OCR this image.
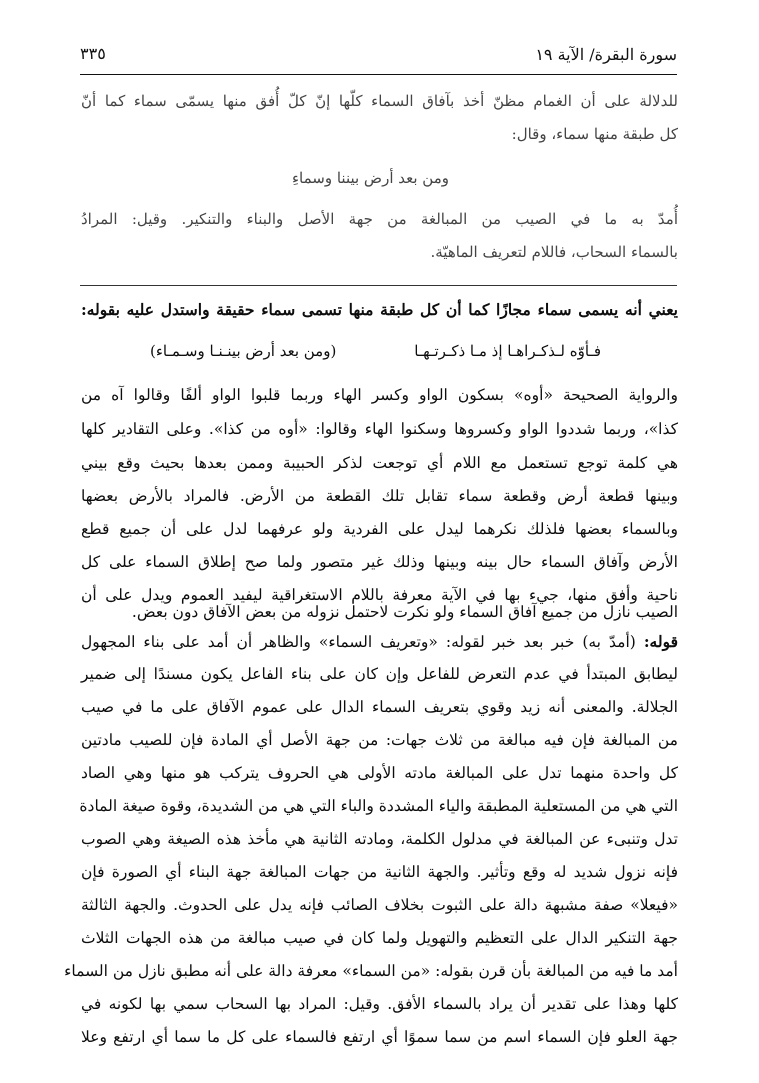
سورة البقرة/ الآية ١٩
٣٣٥
للدلالة على أن الغمام مظنّ أخذ بآفاق السماء كلّها إنّ كلّ أُفق منها يسمّى سماء كما أنّ
كل طبقة منها سماء، وقال:
ومن بعد أرض بيننا وسماءِ
أُمدّ به ما في الصيب من المبالغة من جهة الأصل والبناء والتنكير. وقيل: المرادُ
بالسماء السحاب، فاللام لتعريف الماهيّة.
يعني أنه يسمى سماء مجازًا كما أن كل طبقة منها تسمى سماء حقيقة واستدل عليه بقوله:
فـأوّه لـذكـراهـا إذ مـا ذكـرتـهـا
(ومن بعد أرض بينـنـا وسـمـاء)
والرواية الصحيحة «أوه» بسكون الواو وكسر الهاء وربما قلبوا الواو ألفًا وقالوا آه من
كذا»، وربما شددوا الواو وكسروها وسكنوا الهاء وقالوا: «أوه من كذا». وعلى التقادير كلها
هي كلمة توجع تستعمل مع اللام أي توجعت لذكر الحبيبة وممن بعدها بحيث وقع بيني
وبينها قطعة أرض وقطعة سماء تقابل تلك القطعة من الأرض. فالمراد بالأرض بعضها
وبالسماء بعضها فلذلك نكرهما ليدل على الفردية ولو عرفهما لدل على أن جميع قطع
الأرض وآفاق السماء حال بينه وبينها وذلك غير متصور ولما صح إطلاق السماء على كل
ناحية وأفق منها، جيء بها في الآية معرفة باللام الاستغراقية ليفيد العموم ويدل على أن
الصيب نازل من جميع آفاق السماء ولو نكرت لاحتمل نزوله من بعض الآفاق دون بعض.
قوله: (أمدّ به) خبر بعد خبر لقوله: «وتعريف السماء» والظاهر أن أمد على بناء المجهول
ليطابق المبتدأ في عدم التعرض للفاعل وإن كان على بناء الفاعل يكون مسندًا إلى ضمير
الجلالة. والمعنى أنه زيد وقوي بتعريف السماء الدال على عموم الآفاق على ما في صيب
من المبالغة فإن فيه مبالغة من ثلاث جهات: من جهة الأصل أي المادة فإن للصيب مادتين
كل واحدة منهما تدل على المبالغة مادته الأولى هي الحروف يتركب هو منها وهي الصاد
التي هي من المستعلية المطبقة والياء المشددة والباء التي هي من الشديدة، وقوة صيغة المادة
تدل وتنبىء عن المبالغة في مدلول الكلمة، ومادته الثانية هي مأخذ هذه الصيغة وهي الصوب
فإنه نزول شديد له وقع وتأثير. والجهة الثانية من جهات المبالغة جهة البناء أي الصورة فإن
«فيعلا» صفة مشبهة دالة على الثبوت بخلاف الصائب فإنه يدل على الحدوث. والجهة الثالثة
جهة التنكير الدال على التعظيم والتهويل ولما كان في صيب مبالغة من هذه الجهات الثلاث
أمد ما فيه من المبالغة بأن قرن بقوله: «من السماء» معرفة دالة على أنه مطبق نازل من السماء
كلها وهذا على تقدير أن يراد بالسماء الأفق. وقيل: المراد بها السحاب سمي بها لكونه في
جهة العلو فإن السماء اسم من سما سموًا أي ارتفع فالسماء على كل ما سما أي ارتفع وعلا
